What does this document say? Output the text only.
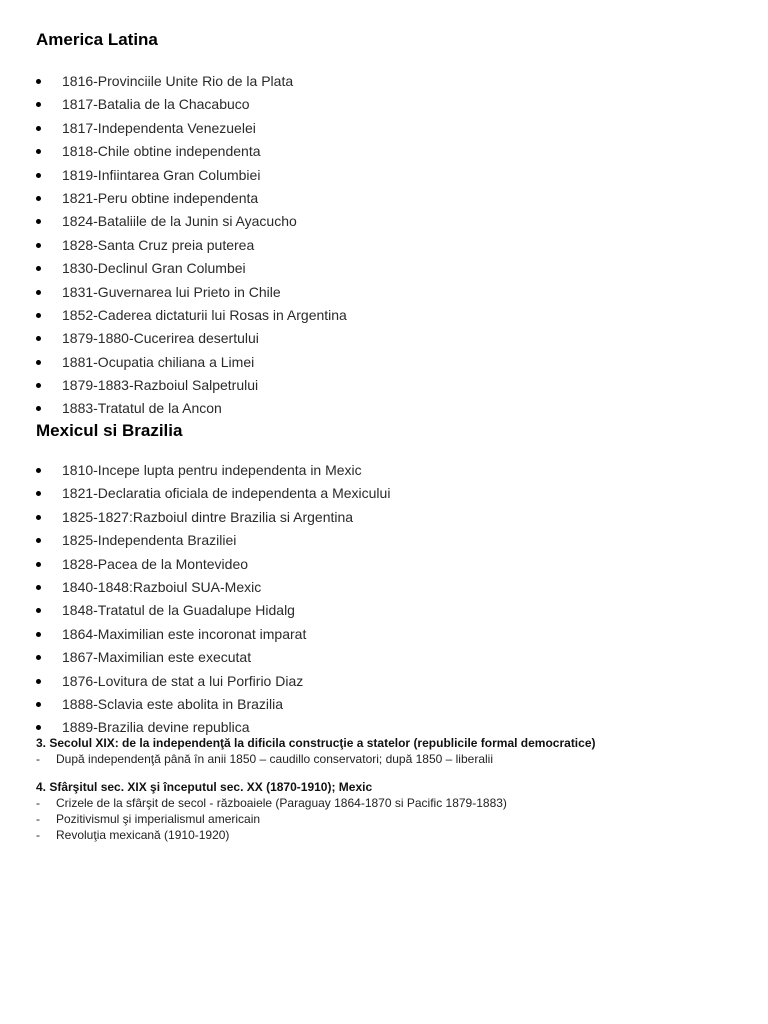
America Latina
1816-Provinciile Unite Rio de la Plata
1817-Batalia de la Chacabuco
1817-Independenta Venezuelei
1818-Chile obtine independenta
1819-Infiintarea Gran Columbiei
1821-Peru obtine independenta
1824-Bataliile de la Junin si Ayacucho
1828-Santa Cruz preia puterea
1830-Declinul Gran Columbei
1831-Guvernarea lui Prieto in Chile
1852-Caderea dictaturii lui Rosas in Argentina
1879-1880-Cucerirea desertului
1881-Ocupatia chiliana a Limei
1879-1883-Razboiul Salpetrului
1883-Tratatul de la Ancon
Mexicul si Brazilia
1810-Incepe lupta pentru independenta in Mexic
1821-Declaratia oficiala de independenta a Mexicului
1825-1827:Razboiul dintre Brazilia si Argentina
1825-Independenta Braziliei
1828-Pacea de la Montevideo
1840-1848:Razboiul SUA-Mexic
1848-Tratatul de la Guadalupe Hidalg
1864-Maximilian este incoronat imparat
1867-Maximilian este executat
1876-Lovitura de stat a lui Porfirio Diaz
1888-Sclavia este abolita in Brazilia
1889-Brazilia devine republica
3. Secolul XIX: de la independenţă la dificila construcţie a statelor (republicile formal democratice)
- După independenţă până în anii 1850 – caudillo conservatori; după 1850 – liberalii
4. Sfârşitul sec. XIX şi începutul sec. XX (1870-1910); Mexic
- Crizele de la sfârşit de secol - războaiele (Paraguay 1864-1870 si Pacific 1879-1883)
- Pozitivismul şi imperialismul americain
- Revoluţia mexicană (1910-1920)
